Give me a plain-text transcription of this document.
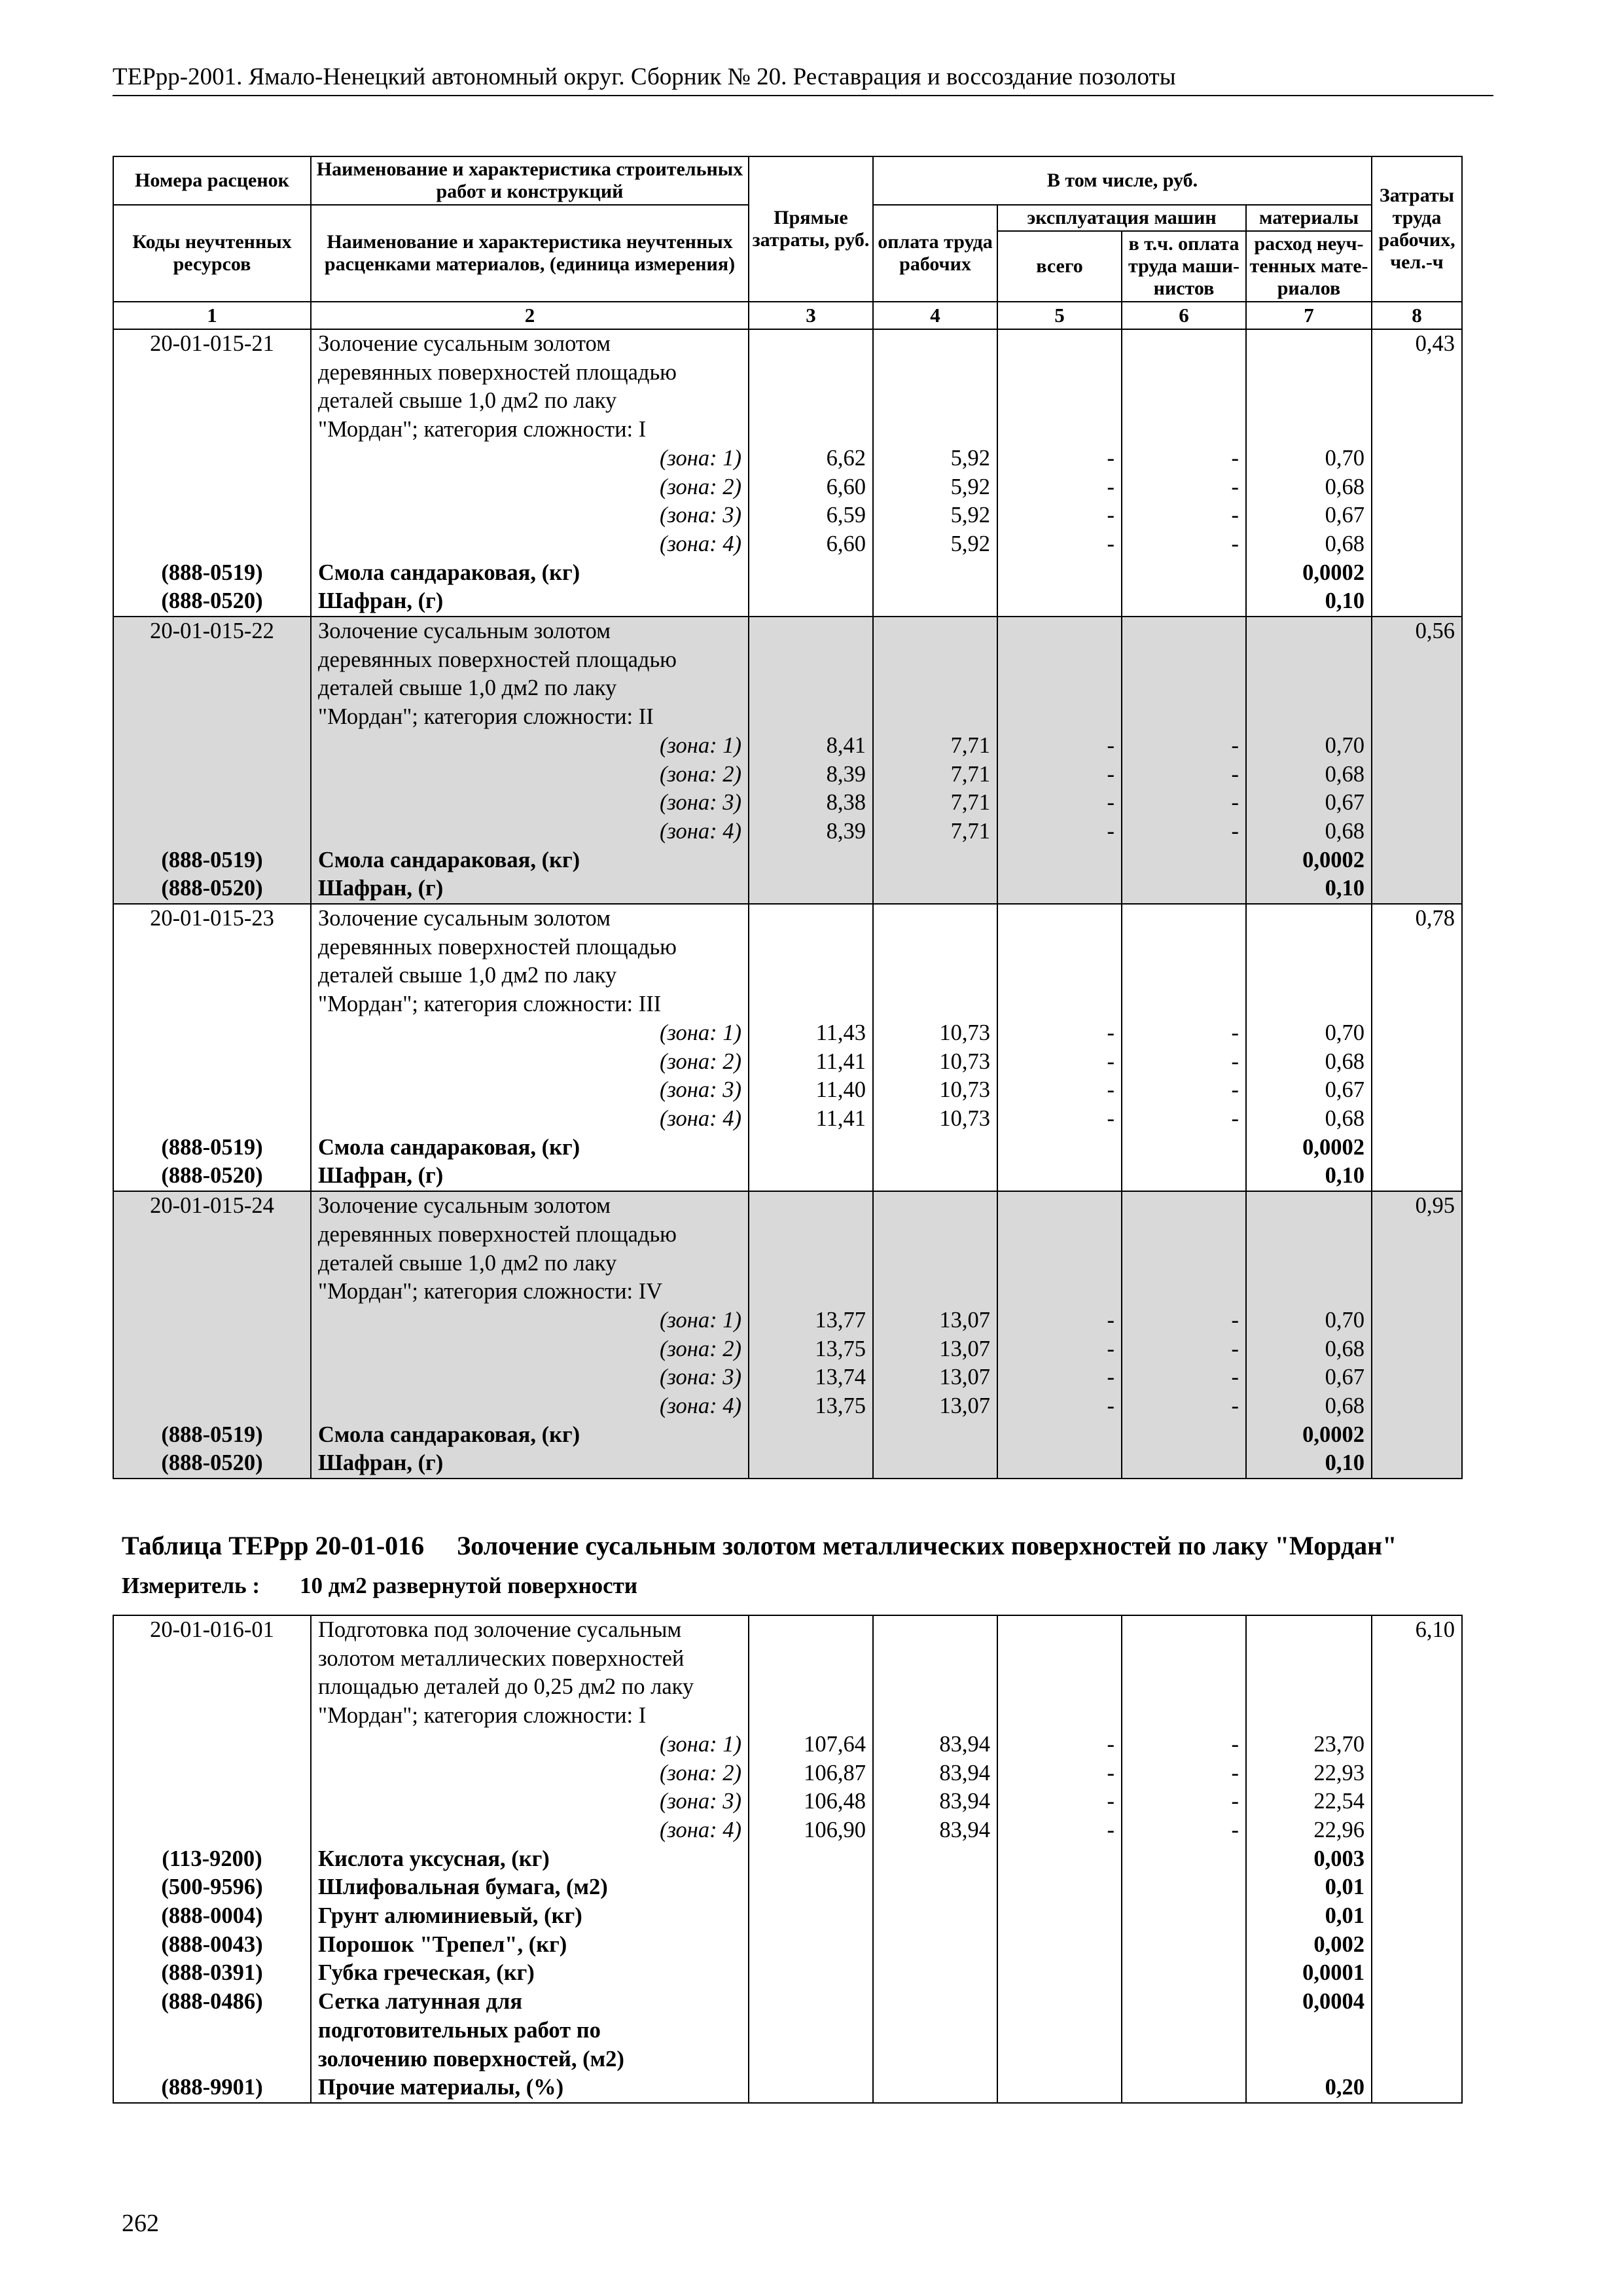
ТЕРрр-2001. Ямало-Ненецкий автономный округ. Сборник № 20. Реставрация и воссоздание позолоты
Номера расценок	Наименование и характеристика строительных работ и конструкций	Прямые затраты, руб.	В том числе, руб.				Затраты труда рабочих, чел.-ч
Коды неучтенных ресурсов	Наименование и характеристика неучтенных расценками материалов, (единица измерения)		оплата труда рабочих	эксплуатация машин		материалы	
				всего	в т.ч. оплата труда маши-нистов	расход неуч-тенных мате-риалов	

1	2	3	4	5	6	7	8
20-01-015-21	Золочение сусальным золотом						0,43
	деревянных поверхностей площадью						
	деталей свыше 1,0 дм2 по лаку						
	"Мордан"; категория сложности: I						
	(зона: 1)	6,62	5,92	-	-	0,70	
	(зона: 2)	6,60	5,92	-	-	0,68	
	(зона: 3)	6,59	5,92	-	-	0,67	
	(зона: 4)	6,60	5,92	-	-	0,68	
(888-0519)	Смола сандараковая, (кг)					0,0002	
(888-0520)	Шафран, (г)					0,10	
20-01-015-22	Золочение сусальным золотом						0,56
	деревянных поверхностей площадью						
	деталей свыше 1,0 дм2 по лаку						
	"Мордан"; категория сложности: II						
	(зона: 1)	8,41	7,71	-	-	0,70	
	(зона: 2)	8,39	7,71	-	-	0,68	
	(зона: 3)	8,38	7,71	-	-	0,67	
	(зона: 4)	8,39	7,71	-	-	0,68	
(888-0519)	Смола сандараковая, (кг)					0,0002	
(888-0520)	Шафран, (г)					0,10	
20-01-015-23	Золочение сусальным золотом						0,78
	деревянных поверхностей площадью						
	деталей свыше 1,0 дм2 по лаку						
	"Мордан"; категория сложности: III						
	(зона: 1)	11,43	10,73	-	-	0,70	
	(зона: 2)	11,41	10,73	-	-	0,68	
	(зона: 3)	11,40	10,73	-	-	0,67	
	(зона: 4)	11,41	10,73	-	-	0,68	
(888-0519)	Смола сандараковая, (кг)					0,0002	
(888-0520)	Шафран, (г)					0,10	
20-01-015-24	Золочение сусальным золотом						0,95
	деревянных поверхностей площадью						
	деталей свыше 1,0 дм2 по лаку						
	"Мордан"; категория сложности: IV						
	(зона: 1)	13,77	13,07	-	-	0,70	
	(зона: 2)	13,75	13,07	-	-	0,68	
	(зона: 3)	13,74	13,07	-	-	0,67	
	(зона: 4)	13,75	13,07	-	-	0,68	
(888-0519)	Смола сандараковая, (кг)					0,0002	
(888-0520)	Шафран, (г)					0,10	
Таблица ТЕРрр 20-01-016 Золочение сусальным золотом металлических поверхностей по лаку "Мордан"
Измеритель : 10 дм2 развернутой поверхности
20-01-016-01	Подготовка под золочение сусальным						6,10
	золотом металлических поверхностей						
	площадью деталей до 0,25 дм2 по лаку						
	"Мордан"; категория сложности: I						
	(зона: 1)	107,64	83,94	-	-	23,70	
	(зона: 2)	106,87	83,94	-	-	22,93	
	(зона: 3)	106,48	83,94	-	-	22,54	
	(зона: 4)	106,90	83,94	-	-	22,96	
(113-9200)	Кислота уксусная, (кг)					0,003	
(500-9596)	Шлифовальная бумага, (м2)					0,01	
(888-0004)	Грунт алюминиевый, (кг)					0,01	
(888-0043)	Порошок "Трепел", (кг)					0,002	
(888-0391)	Губка греческая, (кг)					0,0001	
(888-0486)	Сетка латунная для					0,0004	
	подготовительных работ по						
	золочению поверхностей, (м2)						
(888-9901)	Прочие материалы, (%)					0,20	
262
